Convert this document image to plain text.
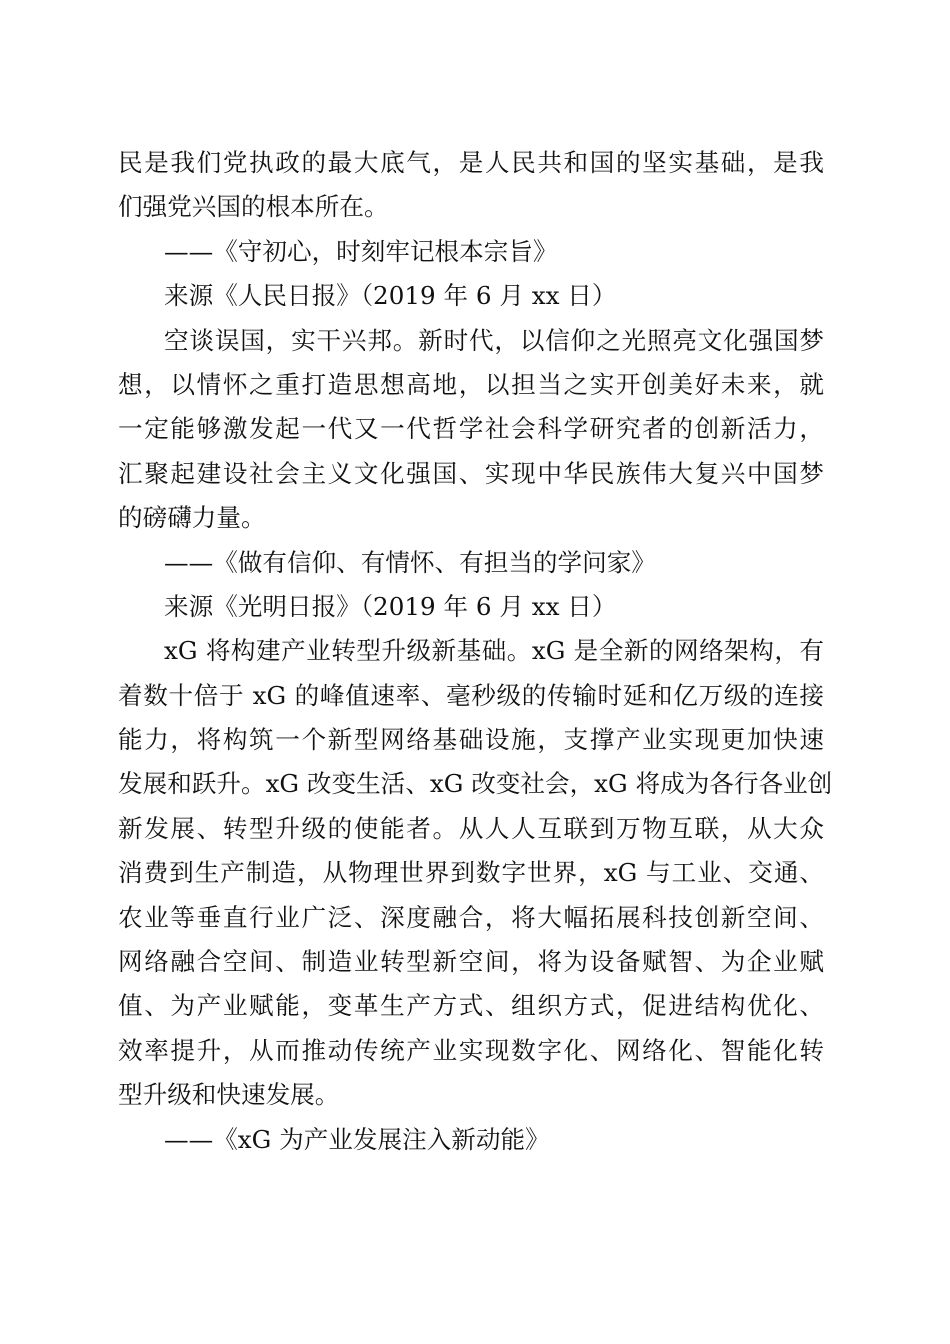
民是我们党执政的最大底气，是人民共和国的坚实基础，是我
们强党兴国的根本所在。
——《守初心，时刻牢记根本宗旨》
来源《人民日报》（2019 年 6 月 xx 日）
空谈误国，实干兴邦。新时代，以信仰之光照亮文化强国梦
想，以情怀之重打造思想高地，以担当之实开创美好未来，就
一定能够激发起一代又一代哲学社会科学研究者的创新活力，
汇聚起建设社会主义文化强国、实现中华民族伟大复兴中国梦
的磅礴力量。
——《做有信仰、有情怀、有担当的学问家》
来源《光明日报》（2019 年 6 月 xx 日）
xG 将构建产业转型升级新基础。xG 是全新的网络架构，有
着数十倍于 xG 的峰值速率、毫秒级的传输时延和亿万级的连接
能力，将构筑一个新型网络基础设施，支撑产业实现更加快速
发展和跃升。xG 改变生活、xG 改变社会，xG 将成为各行各业创
新发展、转型升级的使能者。从人人互联到万物互联，从大众
消费到生产制造，从物理世界到数字世界，xG 与工业、交通、
农业等垂直行业广泛、深度融合，将大幅拓展科技创新空间、
网络融合空间、制造业转型新空间，将为设备赋智、为企业赋
值、为产业赋能，变革生产方式、组织方式，促进结构优化、
效率提升，从而推动传统产业实现数字化、网络化、智能化转
型升级和快速发展。
——《xG 为产业发展注入新动能》
